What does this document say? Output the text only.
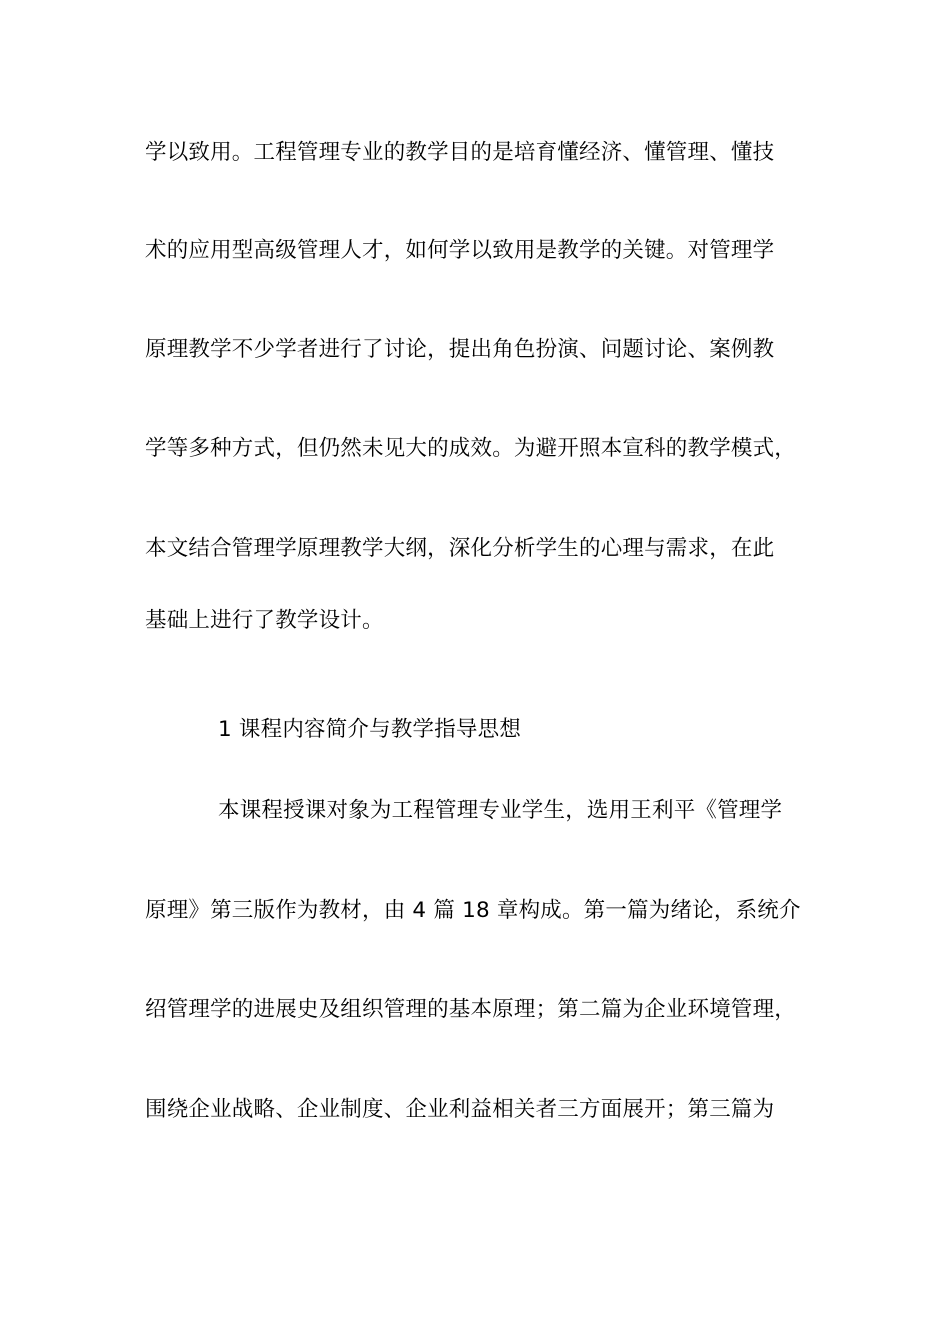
学以致用。工程管理专业的教学目的是培育懂经济、懂管理、懂技
术的应用型高级管理人才，如何学以致用是教学的关键。对管理学
原理教学不少学者进行了讨论，提出角色扮演、问题讨论、案例教
学等多种方式，但仍然未见大的成效。为避开照本宣科的教学模式，
本文结合管理学原理教学大纲，深化分析学生的心理与需求，在此
基础上进行了教学设计。
1 课程内容简介与教学指导思想
本课程授课对象为工程管理专业学生，选用王利平《管理学
原理》第三版作为教材，由 4 篇 18 章构成。第一篇为绪论，系统介
绍管理学的进展史及组织管理的基本原理；第二篇为企业环境管理，
围绕企业战略、企业制度、企业利益相关者三方面展开；第三篇为
